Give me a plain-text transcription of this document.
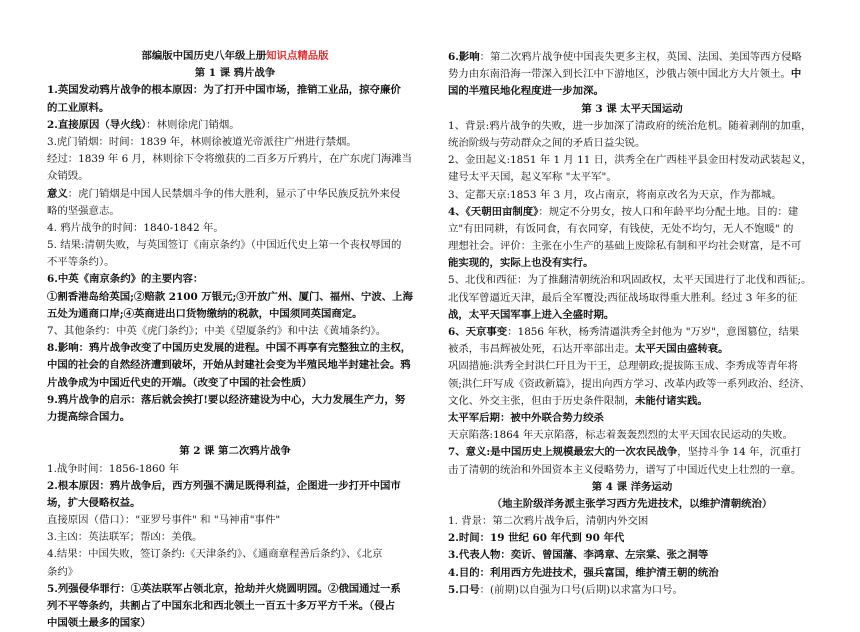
部编版中国历史八年级上册知识点精品版
第 1 课 鸦片战争
1.英国发动鸦片战争的根本原因：为了打开中国市场，推销工业品，掠夺廉价
的工业原料。
2.直接原因（导火线）：林则徐虎门销烟。
3.虎门销烟：时间：1839 年，林则徐被道光帝派往广州进行禁烟。
经过：1839 年 6 月，林则徐下令将缴获的二百多万斤鸦片，在广东虎门海滩当
众销毁。
意义：虎门销烟是中国人民禁烟斗争的伟大胜利，显示了中华民族反抗外来侵
略的坚强意志。
4. 鸦片战争的时间：1840-1842 年。
5. 结果:清朝失败，与英国签订《南京条约》（中国近代史上第一个丧权辱国的
不平等条约）。
6.中英《南京条约》的主要内容：
①割香港岛给英国;②赔款 2100 万银元;③开放广州、厦门、福州、宁波、上海
五处为通商口岸;④英商进出口货物缴纳的税款，中国须同英国商定。
7、其他条约：中英《虎门条约》；中美《望厦条约》和中法《黄埔条约》。
8.影响：鸦片战争改变了中国历史发展的进程。中国不再享有完整独立的主权，
中国的社会的自然经济遭到破坏，开始从封建社会变为半殖民地半封建社会。鸦
片战争成为中国近代史的开端。（改变了中国的社会性质）
9.鸦片战争的启示：落后就会挨打!要以经济建设为中心，大力发展生产力，努
力提高综合国力。

第 2 课 第二次鸦片战争
1.战争时间：1856-1860 年
2.根本原因：鸦片战争后，西方列强不满足既得利益，企图进一步打开中国市
场，扩大侵略权益。
直接原因（借口）："亚罗号事件" 和 "马神甫"事件"
3.主凶：英法联军；帮凶：美俄。
4.结果：中国失败，签订条约:《天津条约》、《通商章程善后条约》、《北京
条约》
5.列强侵华罪行：①英法联军占领北京，抢劫并火烧圆明园。②俄国通过一系
列不平等条约，共割占了中国东北和西北领土一百五十多万平方千米。（侵占
中国领土最多的国家）
6.影响：第二次鸦片战争使中国丧失更多主权，英国、法国、美国等西方侵略
势力由东南沿海一带深入到长江中下游地区，沙俄占领中国北方大片领土。中
国的半殖民地化程度进一步加深。
第 3 课 太平天国运动
1、背景:鸦片战争的失败，进一步加深了清政府的统治危机。随着剥削的加重，
统治阶级与劳动群众之间的矛盾日益尖锐。
2、金田起义:1851 年 1 月 11 日，洪秀全在广西桂平县金田村发动武装起义，
建号太平天国，起义军称 "太平军"。
3、定都天京:1853 年 3 月，攻占南京，将南京改名为天京，作为都城。
4、《天朝田亩制度》：规定不分男女，按人口和年龄平均分配土地。目的：建
立"有田同耕，有饭同食，有衣同穿，有钱使，无处不均匀，无人不饱暖" 的
理想社会。评价：主张在小生产的基础上废除私有制和平均社会财富，是不可
能实现的，实际上也没有实行。
5、北伐和西征：为了推翻清朝统治和巩固政权，太平天国进行了北伐和西征;。
北伐军曾逼近天津，最后全军覆没;西征战场取得重大胜利。经过 3 年多的征
战，太平天国军事上进入全盛时期。
6、天京事变：1856 年秋，杨秀清逼洪秀全封他为 "万岁"，意图篡位，结果
被杀，韦昌辉被处死，石达开率部出走。太平天国由盛转衰。
巩固措施:洪秀全封洪仁玕且为干王，总理朝政;提拔陈玉成、李秀成等青年将
领;洪仁玕写成《资政新篇》，提出向西方学习、改革内政等一系列政治、经济、
文化、外交主张，但由于历史条件限制，未能付诸实践。
太平军后期：被中外联合势力绞杀
天京陷落:1864 年天京陷落，标志着轰轰烈烈的太平天国农民运动的失败。
7、意义:是中国历史上规模最宏大的一次农民战争，坚持斗争 14 年，沉重打
击了清朝的统治和外国资本主义侵略势力，谱写了中国近代史上壮烈的一章。
第 4 课 洋务运动
（地主阶级洋务派主张学习西方先进技术，以维护清朝统治）
1. 背景：第二次鸦片战争后，清朝内外交困
2.时间：19 世纪 60 年代到 90 年代
3.代表人物：奕䜣、曾国藩、李鸿章、左宗棠、张之洞等
4.目的：利用西方先进技术，强兵富国，维护清王朝的统治
5.口号：(前期)以自强为口号(后期)以求富为口号。
